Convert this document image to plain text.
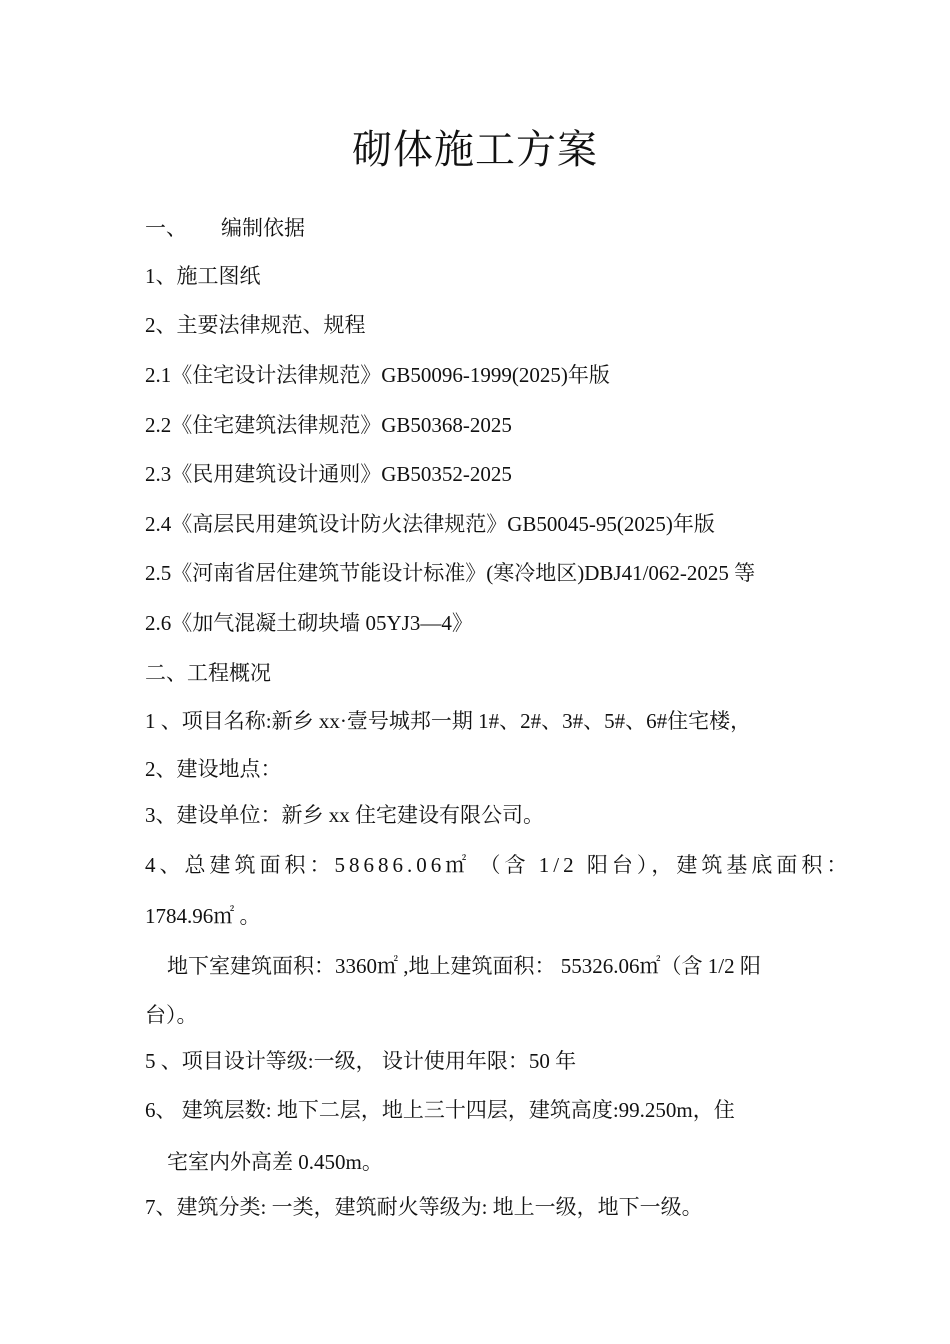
砌体施工方案
一、 编制依据
1、施工图纸
2、主要法律规范、规程
2.1《住宅设计法律规范》GB50096-1999(2025)年版
2.2《住宅建筑法律规范》GB50368-2025
2.3《民用建筑设计通则》GB50352-2025
2.4《高层民用建筑设计防火法律规范》GB50045-95(2025)年版
2.5《河南省居住建筑节能设计标准》(寒冷地区)DBJ41/062-2025 等
2.6《加气混凝土砌块墙 05YJ3—4》
二、工程概况
1 、项目名称:新乡 xx·壹号城邦一期 1#、2#、3#、5#、6#住宅楼，
2、建设地点：
3、建设单位：新乡 xx 住宅建设有限公司。
4、总建筑面积：58686.06㎡ （含 1/2 阳台），建筑基底面积：
1784.96㎡ 。
地下室建筑面积：3360㎡ ,地上建筑面积： 55326.06㎡（含 1/2 阳
台）。
5 、项目设计等级:一级， 设计使用年限：50 年
6、 建筑层数: 地下二层，地上三十四层，建筑高度:99.250m，住
宅室内外高差 0.450m。
7、建筑分类: 一类，建筑耐火等级为: 地上一级，地下一级。
